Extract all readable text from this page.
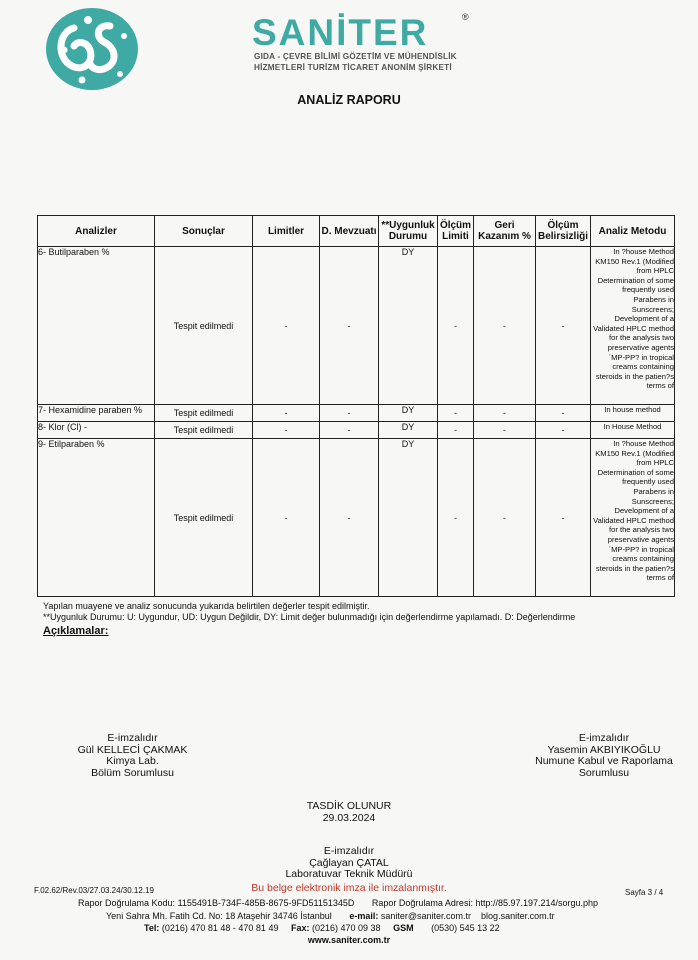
SANİTER	®
GIDA - ÇEVRE BİLİMİ GÖZETİM VE MÜHENDİSLİK
HİZMETLERİ TURİZM TİCARET ANONİM ŞİRKETİ
ANALİZ RAPORU
Analizler	Sonuçlar	Limitler	D. Mevzuatı	**Uygunluk Durumu	Ölçüm Limiti	Geri Kazanım %	Ölçüm Belirsizliği	Analiz Metodu
6- Butilparaben %	Tespit edilmedi	-	-	DY	-	-	-	In ?house Method KM150 Rev.1 (Modified from HPLC Determination of some frequently used Parabens in Sunscreens; Development of a Validated HPLC method for the analysis two preservative agents ´MP-PP? in tropical creams containing steroids in the patien?s terms of

7- Hexamidine paraben %	Tespit edilmedi	-	-	DY	-	-	-	In house method
8- Klor (Cl) -	Tespit edilmedi	-	-	DY	-	-	-	In House Method
9- Etilparaben %	Tespit edilmedi	-	-	DY	-	-	-	In ?house Method KM150 Rev.1 (Modified from HPLC Determination of some frequently used Parabens in Sunscreens; Development of a Validated HPLC method for the analysis two preservative agents ´MP-PP? in tropical creams containing steroids in the patien?s terms of
Yapılan muayene ve analiz sonucunda yukarıda belirtilen değerler tespit edilmiştir.
**Uygunluk Durumu: U: Uygundur, UD: Uygun Değildir, DY: Limit değer bulunmadığı için değerlendirme yapılamadı. D: Değerlendirme
Açıklamalar:
E-imzalıdır
Gül KELLECİ ÇAKMAK
Kimya Lab.
Bölüm Sorumlusu
E-imzalıdır
Yasemin AKBIYIKOĞLU
Numune Kabul ve Raporlama
Sorumlusu
TASDİK OLUNUR
29.03.2024
E-imzalıdır
Çağlayan ÇATAL
Laboratuvar Teknik Müdürü
F.02.62/Rev.03/27.03.24/30.12.19	Bu belge elektronik imza ile imzalanmıştır.	Sayfa 3 / 4
Rapor Doğrulama Kodu: 1155491B-734F-485B-8675-9FD51151345D Rapor Doğrulama Adresi: http://85.97.197.214/sorgu.php
Yeni Sahra Mh. Fatih Cd. No: 18 Ataşehir 34746 İstanbul e-mail: saniter@saniter.com.tr blog.saniter.com.tr
Tel: (0216) 470 81 48 - 470 81 49 Fax: (0216) 470 09 38 GSM (0530) 545 13 22
www.saniter.com.tr
